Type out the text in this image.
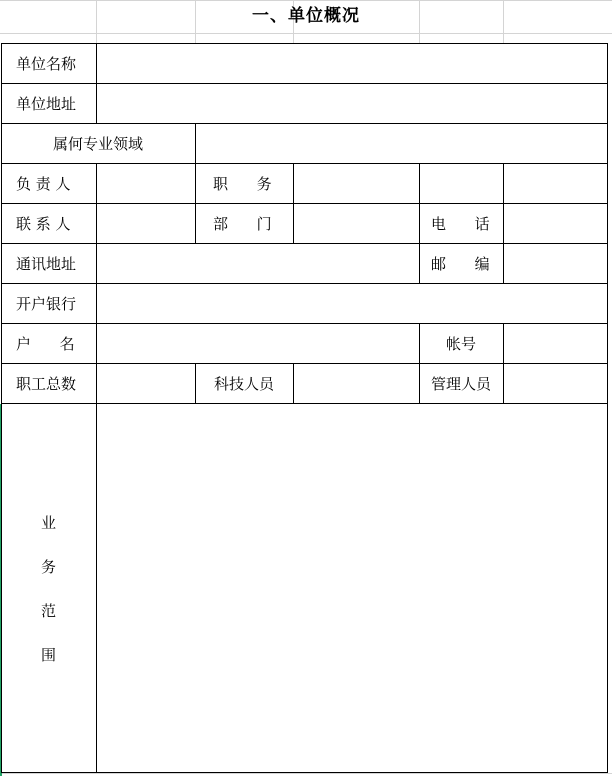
一、单位概况
单位名称
单位地址
属何专业领域
负 责 人	职      务
联 系 人	部      门	电      话
通讯地址	邮      编
开户银行
户      名	帐号
职工总数	科技人员	管理人员
业
务
范
围
